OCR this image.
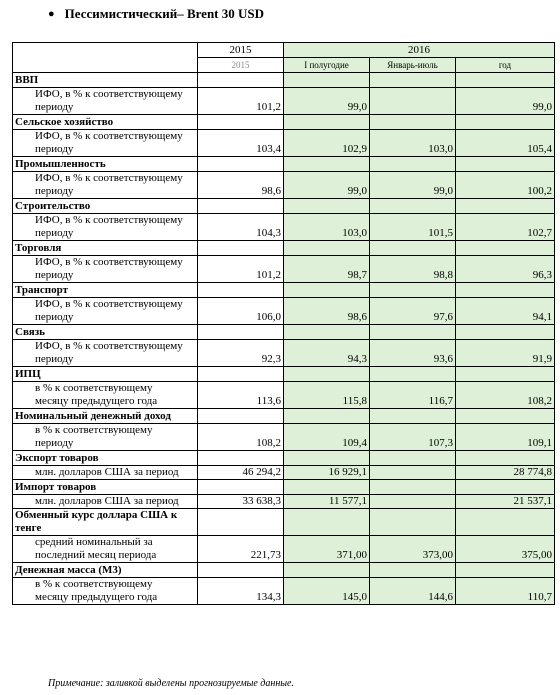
● Пессимистический– Brent 30 USD
	2015	2016		
	2015	I полугодие	Январь-июль	год
ВВП				

ИФО, в % к соответствующему
периоду	101,2	99,0		99,0
Сельское хозяйство				

ИФО, в % к соответствующему
периоду	103,4	102,9	103,0	105,4
Промышленность				

ИФО, в % к соответствующему
периоду	98,6	99,0	99,0	100,2
Строительство				

ИФО, в % к соответствующему
периоду	104,3	103,0	101,5	102,7
Торговля				

ИФО, в % к соответствующему
периоду	101,2	98,7	98,8	96,3
Транспорт				

ИФО, в % к соответствующему
периоду	106,0	98,6	97,6	94,1
Связь				

ИФО, в % к соответствующему
периоду	92,3	94,3	93,6	91,9
ИПЦ				

в % к соответствующему
месяцу предыдущего года	113,6	115,8	116,7	108,2
Номинальный денежный доход				

в % к соответствующему
периоду	108,2	109,4	107,3	109,1
Экспорт товаров				

млн. долларов США за период	46 294,2	16 929,1		28 774,8
Импорт товаров				

млн. долларов США за период	33 638,3	11 577,1		21 537,1
Обменный курс доллара США к тенге				

средний номинальный за
последний месяц периода	221,73	371,00	373,00	375,00
Денежная масса (М3)				

в % к соответствующему
месяцу предыдущего года	134,3	145,0	144,6	110,7
Примечание: заливкой выделены прогнозируемые данные.
